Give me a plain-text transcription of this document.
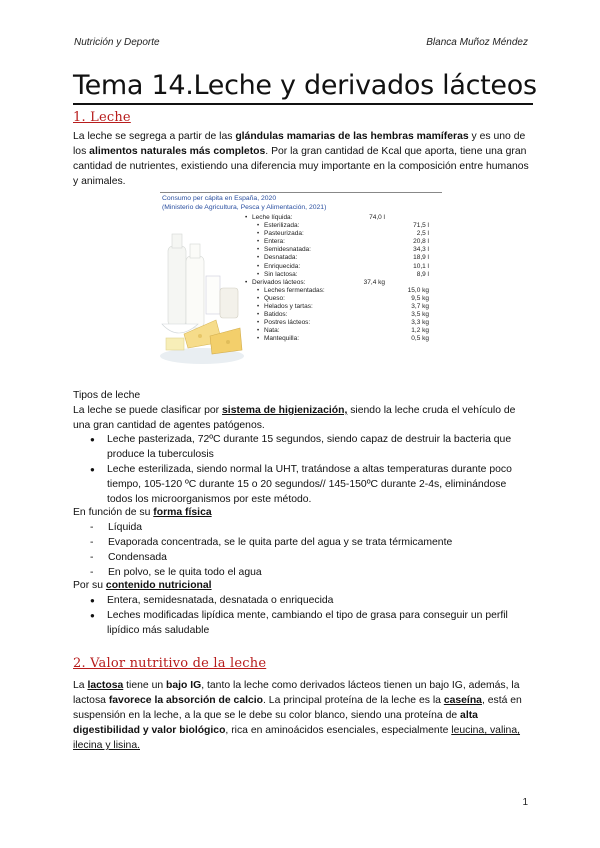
Nutrición y Deporte	Blanca Muñoz Méndez
Tema 14.Leche y derivados lácteos
1. Leche

La leche se segrega a partir de las glándulas mamarias de las hembras mamíferas y es uno de los alimentos naturales más completos. Por la gran cantidad de Kcal que aporta, tiene una gran cantidad de nutrientes, existiendo una diferencia muy importante en la composición entre humanos y animales.

Consumo per cápita en España, 2020
(Ministerio de Agricultura, Pesca y Alimentación, 2021)
• Leche líquida:	74,0 l
• Esterilizada:	71,5 l
• Pasteurizada:	2,5 l
• Entera:	20,8 l
• Semidesnatada:	34,3 l
• Desnatada:	18,9 l
• Enriquecida:	10,1 l
• Sin lactosa:	8,9 l
• Derivados lácteos:	37,4 kg
• Leches fermentadas:	15,0 kg
• Queso:	9,5 kg
• Helados y tartas:	3,7 kg
• Batidos:	3,5 kg
• Postres lácteos:	3,3 kg
• Nata:	1,2 kg
• Mantequilla:	0,5 kg
Tipos de leche

La leche se puede clasificar por sistema de higienización, siendo la leche cruda el vehículo de una gran cantidad de agentes patógenos.

● Leche pasterizada, 72ºC durante 15 segundos, siendo capaz de destruir la bacteria que produce la tuberculosis
● Leche esterilizada, siendo normal la UHT, tratándose a altas temperaturas durante poco tiempo, 105-120 ºC durante 15 o 20 segundos// 145-150ºC durante 2-4s, eliminándose todos los microorganismos por este método.

En función de su forma física

- Líquida
- Evaporada concentrada, se le quita parte del agua y se trata térmicamente
- Condensada
- En polvo, se le quita todo el agua

Por su contenido nutricional

● Entera, semidesnatada, desnatada o enriquecida
● Leches modificadas lipídica mente, cambiando el tipo de grasa para conseguir un perfil lipídico más saludable
2. Valor nutritivo de la leche

La lactosa tiene un bajo IG, tanto la leche como derivados lácteos tienen un bajo IG, además, la lactosa favorece la absorción de calcio. La principal proteína de la leche es la caseína, está en suspensión en la leche, a la que se le debe su color blanco, siendo una proteína de alta digestibilidad y valor biológico, rica en aminoácidos esenciales, especialmente leucina, valina, ilecina y lisina.

1
